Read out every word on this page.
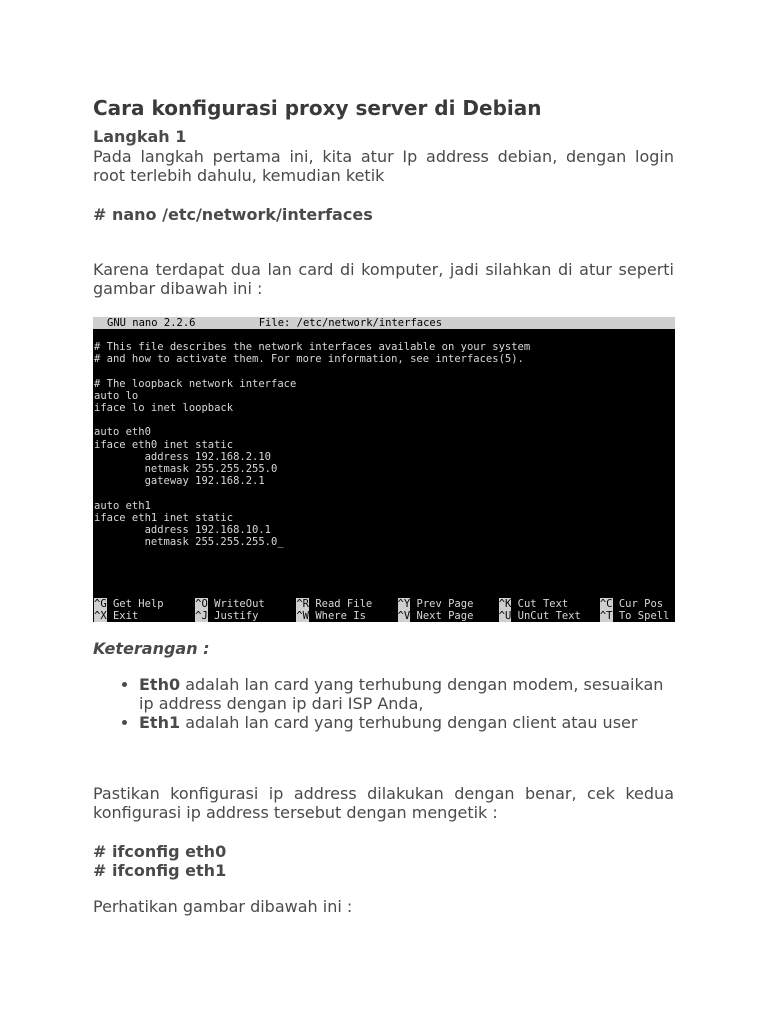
Cara konfigurasi proxy server di Debian
Langkah 1

Pada langkah pertama ini, kita atur Ip address debian, dengan login root terlebih dahulu, kemudian ketik

# nano /etc/network/interfaces

Karena terdapat dua lan card di komputer, jadi silahkan di atur seperti gambar dibawah ini :

GNU nano 2.2.6	File: /etc/network/interfaces
# This file describes the network interfaces available on your system
# and how to activate them. For more information, see interfaces(5).

# The loopback network interface
auto lo
iface lo inet loopback

auto eth0
iface eth0 inet static
address 192.168.2.10
netmask 255.255.255.0
gateway 192.168.2.1

auto eth1
iface eth1 inet static
address 192.168.10.1
netmask 255.255.255.0_
^G Get Help     ^O WriteOut     ^R Read File    ^Y Prev Page    ^K Cut Text     ^C Cur Pos
^X Exit         ^J Justify      ^W Where Is     ^V Next Page    ^U UnCut Text   ^T To Spell
Keterangan :
• Eth0 adalah lan card yang terhubung dengan modem, sesuaikan ip address dengan ip dari ISP Anda,
• Eth1 adalah lan card yang terhubung dengan client atau user

Pastikan konfigurasi ip address dilakukan dengan benar, cek kedua konfigurasi ip address tersebut dengan mengetik :

# ifconfig eth0
# ifconfig eth1

Perhatikan gambar dibawah ini :
